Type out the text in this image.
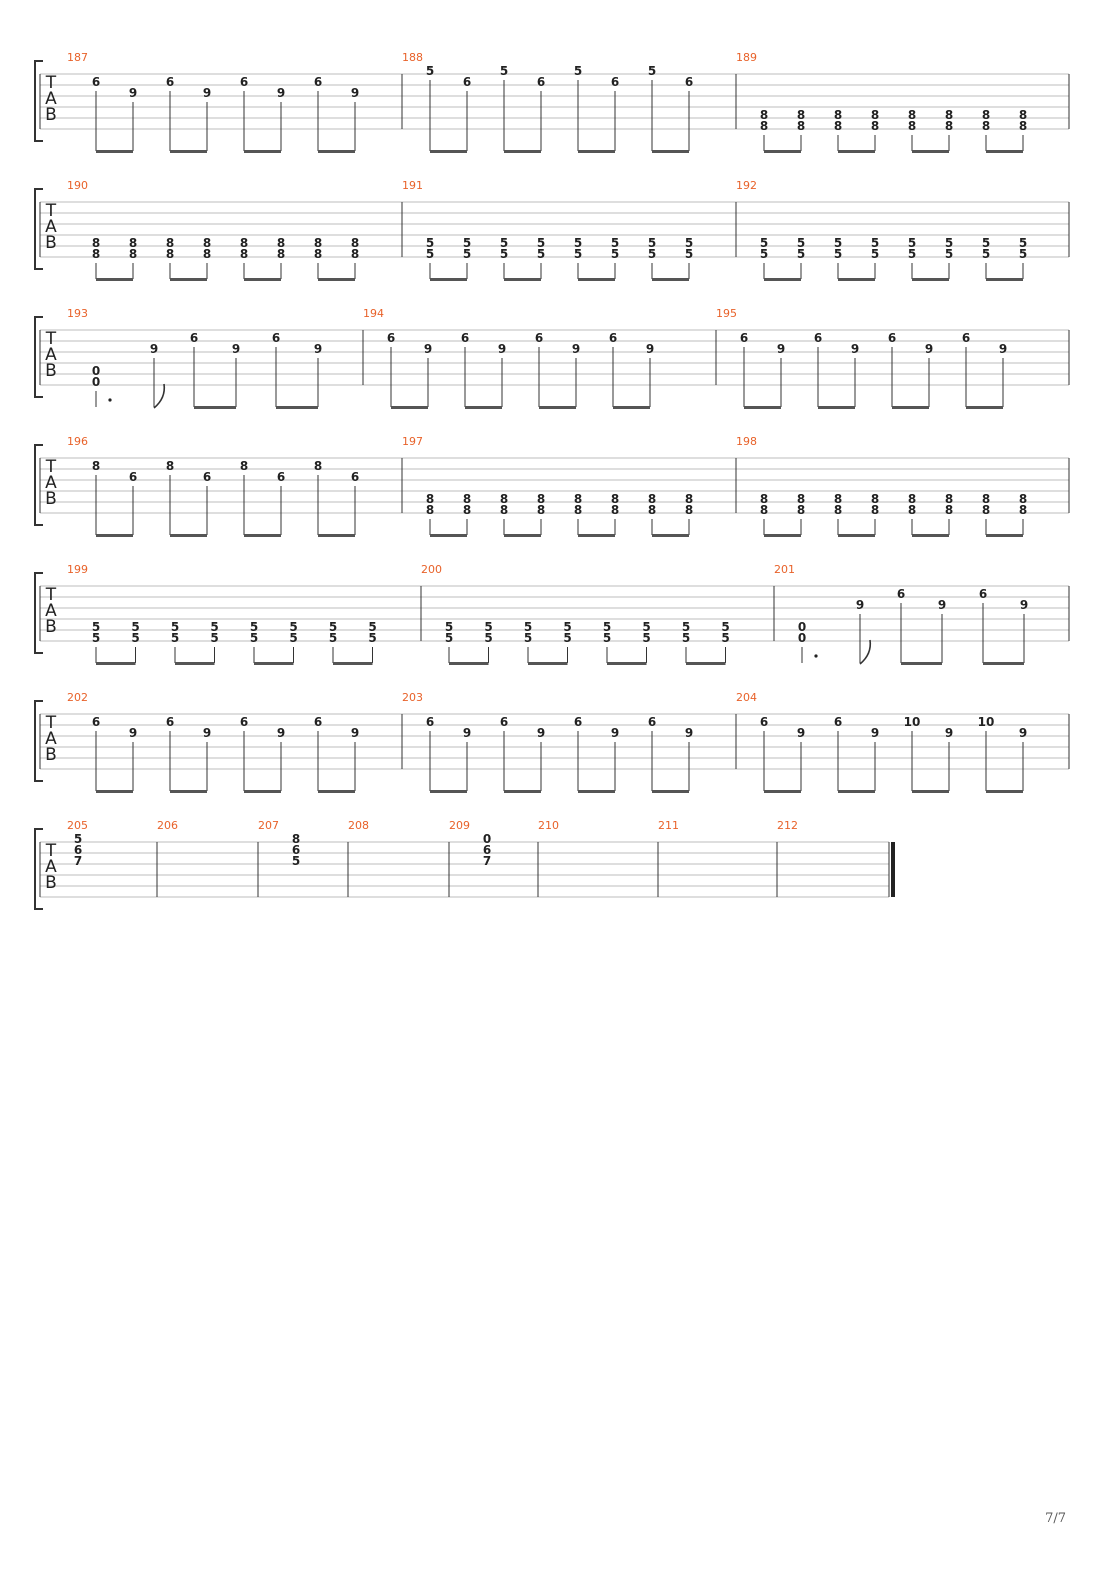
T
A
B
187
6
9
6
9
6
9
6
9
188
5
6
5
6
5
6
5
6
189
8
8
8
8
8
8
8
8
8
8
8
8
8
8
8
8
T
A
B
190
8
8
8
8
8
8
8
8
8
8
8
8
8
8
8
8
191
5
5
5
5
5
5
5
5
5
5
5
5
5
5
5
5
192
5
5
5
5
5
5
5
5
5
5
5
5
5
5
5
5
T
A
B
193
0
0
9
6
9
6
9
194
6
9
6
9
6
9
6
9
195
6
9
6
9
6
9
6
9
T
A
B
196
8
6
8
6
8
6
8
6
197
8
8
8
8
8
8
8
8
8
8
8
8
8
8
8
8
198
8
8
8
8
8
8
8
8
8
8
8
8
8
8
8
8
T
A
B
199
5
5
5
5
5
5
5
5
5
5
5
5
5
5
5
5
200
5
5
5
5
5
5
5
5
5
5
5
5
5
5
5
5
201
0
0
9
6
9
6
9
T
A
B
202
6
9
6
9
6
9
6
9
203
6
9
6
9
6
9
6
9
204
6
9
6
9
10
9
10
9
T
A
B
205
5
6
7
206	207
8
6
5
208	209
0
6
7
210	211	212
7/7
